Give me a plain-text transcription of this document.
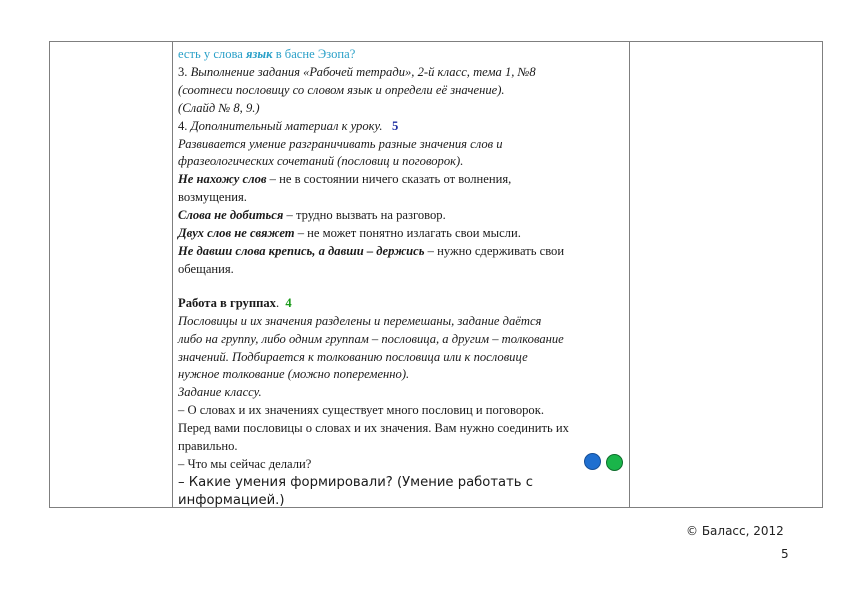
есть у слова язык в басне Эзопа?

3. Выполнение задания «Рабочей тетради», 2-й класс, тема 1, №8

(соотнеси пословицу со словом язык и определи её значение).

(Слайд № 8, 9.)

4. Дополнительный материал к уроку. 5

Развивается умение разграничивать разные значения слов и

фразеологических сочетаний (пословиц и поговорок).

Не нахожу слов – не в состоянии ничего сказать от волнения,

возмущения.

Слова не добиться – трудно вызвать на разговор.

Двух слов не свяжет – не может понятно излагать свои мысли.

Не давши слова крепись, а давши – держись – нужно сдерживать свои

обещания.

Работа в группах. 4

Пословицы и их значения разделены и перемешаны, задание даётся

либо на группу, либо одним группам – пословица, а другим – толкование

значений. Подбирается к толкованию пословица или к пословице

нужное толкование (можно попеременно).

Задание классу.

– О словах и их значениях существует много пословиц и поговорок.

Перед вами пословицы о словах и их значения. Вам нужно соединить их

правильно.

– Что мы сейчас делали?

– Какие умения формировали? (Умение работать с

информацией.)

© Баласс, 2012
5
